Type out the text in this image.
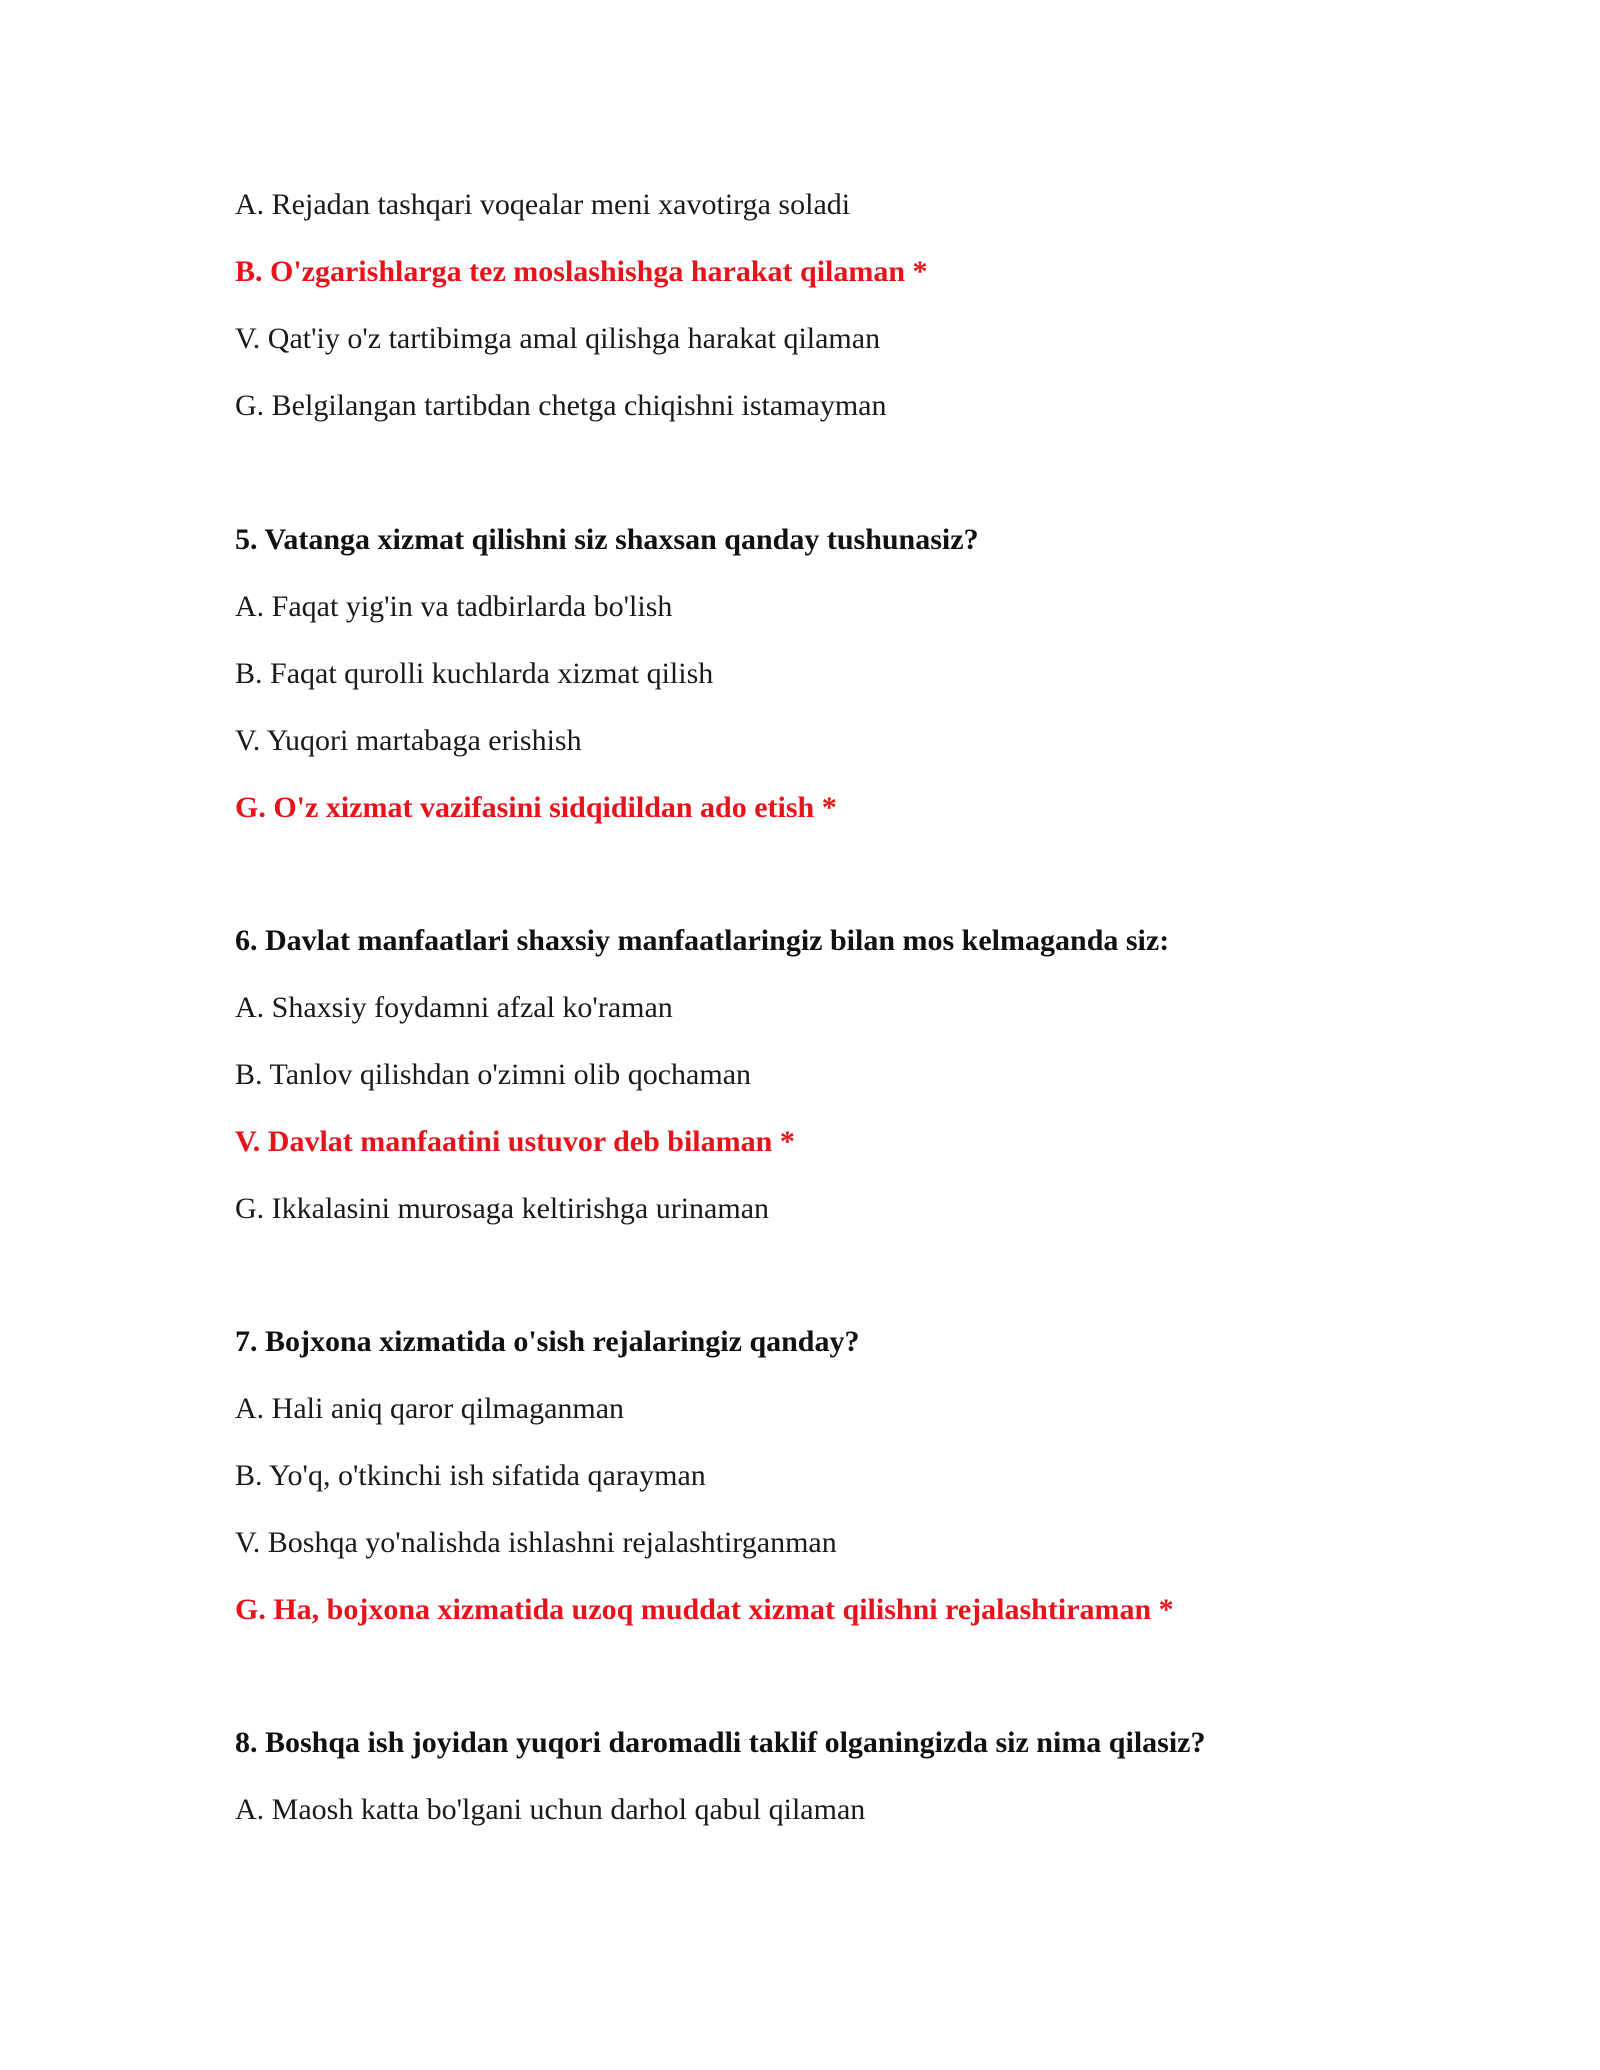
A. Rejadan tashqari voqealar meni xavotirga soladi
B. O'zgarishlarga tez moslashishga harakat qilaman *
V. Qat'iy o'z tartibimga amal qilishga harakat qilaman
G. Belgilangan tartibdan chetga chiqishni istamayman
5. Vatanga xizmat qilishni siz shaxsan qanday tushunasiz?
A. Faqat yig'in va tadbirlarda bo'lish
B. Faqat qurolli kuchlarda xizmat qilish
V. Yuqori martabaga erishish
G. O'z xizmat vazifasini sidqidildan ado etish *
6. Davlat manfaatlari shaxsiy manfaatlaringiz bilan mos kelmaganda siz:
A. Shaxsiy foydamni afzal ko'raman
B. Tanlov qilishdan o'zimni olib qochaman
V. Davlat manfaatini ustuvor deb bilaman *
G. Ikkalasini murosaga keltirishga urinaman
7. Bojxona xizmatida o'sish rejalaringiz qanday?
A. Hali aniq qaror qilmaganman
B. Yo'q, o'tkinchi ish sifatida qarayman
V. Boshqa yo'nalishda ishlashni rejalashtirganman
G. Ha, bojxona xizmatida uzoq muddat xizmat qilishni rejalashtiraman *
8. Boshqa ish joyidan yuqori daromadli taklif olganingizda siz nima qilasiz?
A. Maosh katta bo'lgani uchun darhol qabul qilaman
